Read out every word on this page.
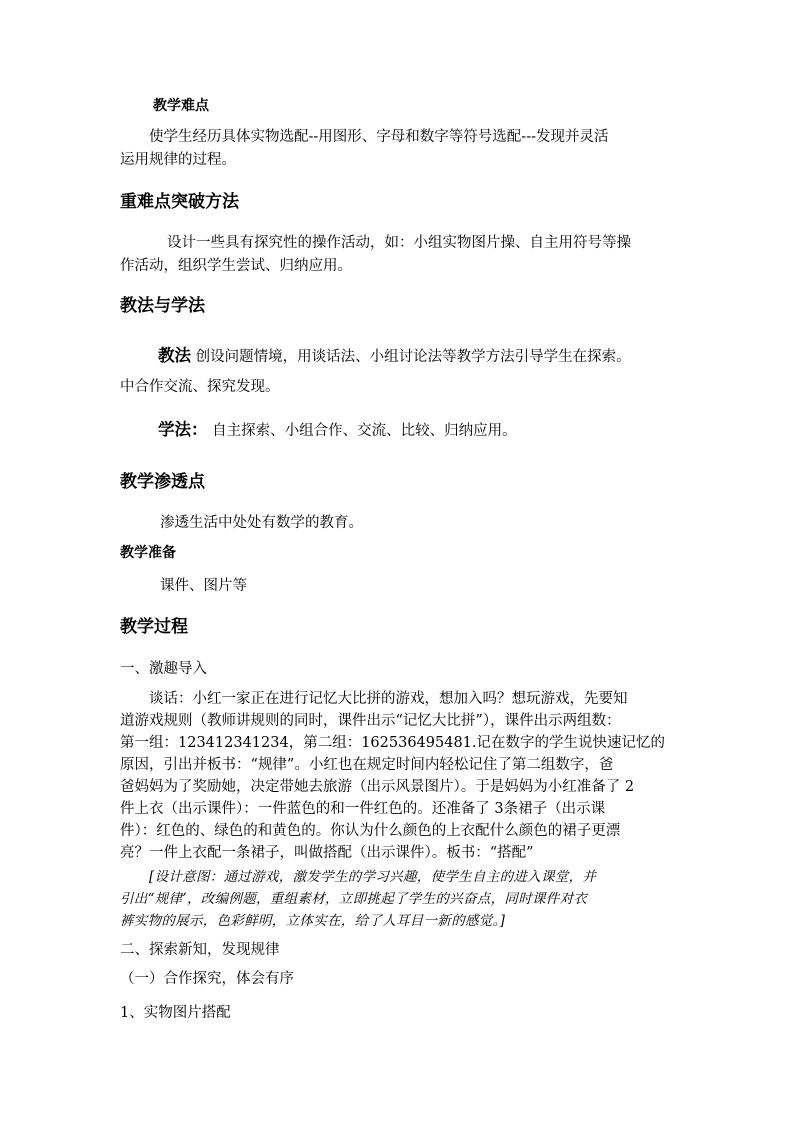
教学难点
使学生经历具体实物选配--用图形、字母和数字等符号选配---发现并灵活
运用规律的过程。
重难点突破方法
设计一些具有探究性的操作活动，如：小组实物图片操、自主用符号等操
作活动，组织学生尝试、归纳应用。
教法与学法
教法 创设问题情境，用谈话法、小组讨论法等教学方法引导学生在探索。
中合作交流、探究发现。
学法： 自主探索、小组合作、交流、比较、归纳应用。
教学渗透点
渗透生活中处处有数学的教育。
教学准备
课件、图片等
教学过程
一、激趣导入
谈话：小红一家正在进行记忆大比拼的游戏，想加入吗？想玩游戏，先要知
道游戏规则（教师讲规则的同时，课件出示“记忆大比拼”），课件出示两组数：
第一组：123412341234，第二组：162536495481.记在数字的学生说快速记忆的
原因，引出并板书：“规律”。小红也在规定时间内轻松记住了第二组数字，爸
爸妈妈为了奖励她，决定带她去旅游（出示风景图片）。于是妈妈为小红准备了 2
件上衣（出示课件）：一件蓝色的和一件红色的。还准备了 3条裙子（出示课
件）：红色的、绿色的和黄色的。你认为什么颜色的上衣配什么颜色的裙子更漂
亮？一件上衣配一条裙子，叫做搭配（出示课件）。板书：“搭配”
[设计意图：通过游戏，激发学生的学习兴趣，使学生自主的进入课堂，并
引出“规律’，改编例题，重组素材，立即挑起了学生的兴奋点，同时课件对衣
裤实物的展示，色彩鲜明，立体实在，给了人耳目一新的感觉。]
二、探索新知，发现规律
（一）合作探究，体会有序
1、实物图片搭配
